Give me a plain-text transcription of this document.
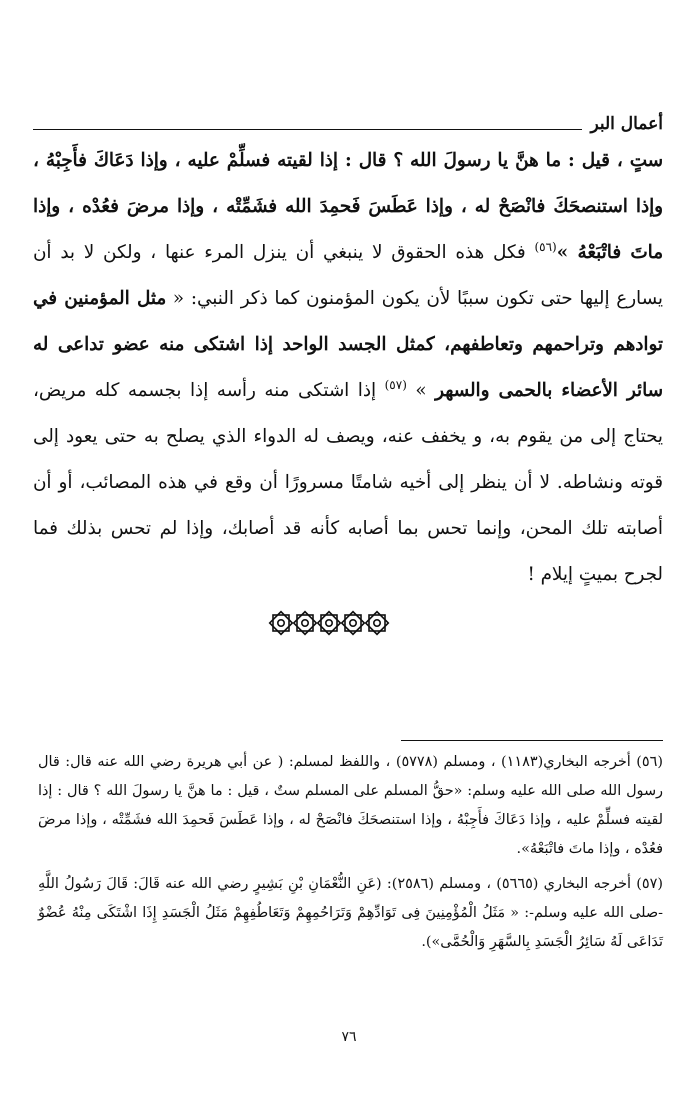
أعمال البر

ستٍ ، قيل : ما هنَّ يا رسولَ الله ؟ قال : إذا لقيته فسلِّمْ عليه ، وإذا دَعَاكَ فأَجِبْهُ ، وإذا استنصحَكَ فانْصَحْ له ، وإذا عَطَسَ فَحمِدَ الله فشَمِّتْه ، وإذا مرضَ فعُدْه ، وإذا ماتَ فاتْبَعْهُ »$^{(٥٦)}$ فكل هذه الحقوق لا ينبغي أن ينزل المرء عنها ، ولكن لا بد أن يسارع إليها حتى تكون سببًا لأن يكون المؤمنون كما ذكر النبي: « مثل المؤمنين في توادهم وتراحمهم وتعاطفهم، كمثل الجسد الواحد إذا اشتكى منه عضو تداعى له سائر الأعضاء بالحمى والسهر » $^{(٥٧)}$ إذا اشتكى منه رأسه إذا بجسمه كله مريض، يحتاج إلى من يقوم به، و يخفف عنه، ويصف له الدواء الذي يصلح به حتى يعود إلى قوته ونشاطه. لا أن ينظر إلى أخيه شامتًا مسرورًا أن وقع في هذه المصائب، أو أن أصابته تلك المحن، وإنما تحس بما أصابه كأنه قد أصابك، وإذا لم تحس بذلك فما لجرح بميتٍ إيلام !

(٥٦) أخرجه البخاري(١١٨٣) ، ومسلم (٥٧٧٨) ، واللفظ لمسلم: ( عن أبي هريرة رضي الله عنه قال: قال رسول الله صلى الله عليه وسلم: «حقُّ المسلم على المسلم ستٌ ، قيل : ما هنَّ يا رسولَ الله ؟ قال : إذا لقيته فسلِّمْ عليه ، وإذا دَعَاكَ فأَجِبْهُ ، وإذا استنصحَكَ فانْصَحْ له ، وإذا عَطَسَ فَحمِدَ الله فشَمِّتْه ، وإذا مرضَ فعُدْه ، وإذا ماتَ فاتْبَعْهُ».

(٥٧) أخرجه البخاري (٥٦٦٥) ، ومسلم (٢٥٨٦): (عَنِ النُّعْمَانِ بْنِ بَشِيرٍ رضي الله عنه قَالَ: قَالَ رَسُولُ اللَّهِ -صلى الله عليه وسلم-: « مَثَلُ الْمُؤْمِنِينَ فِى تَوَادِّهِمْ وَتَرَاحُمِهِمْ وَتَعَاطُفِهِمْ مَثَلُ الْجَسَدِ إِذَا اشْتَكَى مِنْهُ عُضْوٌ تَدَاعَى لَهُ سَائِرُ الْجَسَدِ بِالسَّهَرِ وَالْحُمَّى»).

٧٦
